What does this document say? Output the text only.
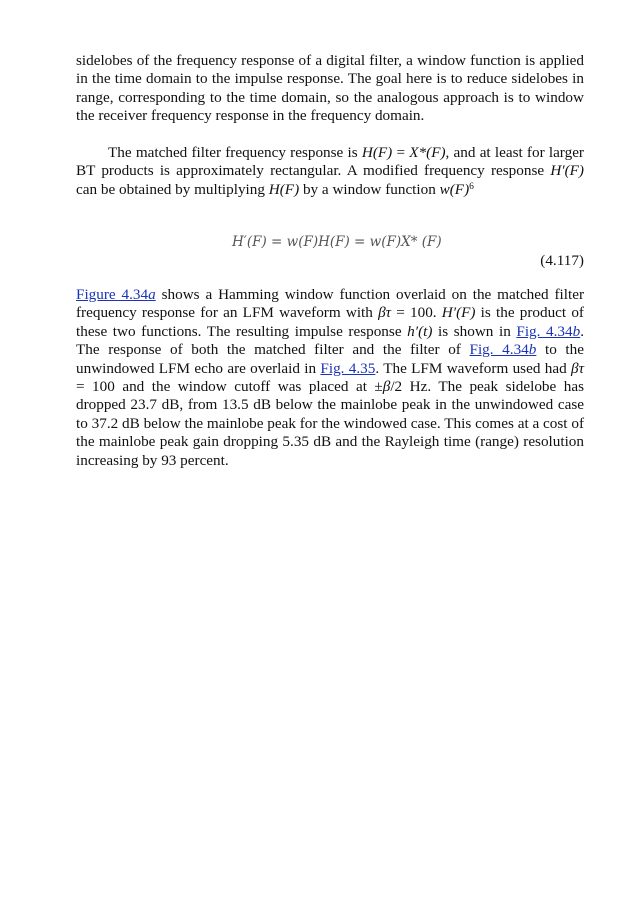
sidelobes of the frequency response of a digital filter, a window function is applied in the time domain to the impulse response. The goal here is to reduce sidelobes in range, corresponding to the time domain, so the analogous approach is to window the receiver frequency response in the frequency domain.

The matched filter frequency response is H(F) = X*(F), and at least for larger BT products is approximately rectangular. A modified frequency response H′(F) can be obtained by multiplying H(F) by a window function $w(F)^6$

H′(F) = w(F)H(F) = w(F)X* (F)
(4.117)

Figure 4.34a shows a Hamming window function overlaid on the matched filter frequency response for an LFM waveform with βτ = 100. H′(F) is the product of these two functions. The resulting impulse response h′(t) is shown in Fig. 4.34b. The response of both the matched filter and the filter of Fig. 4.34b to the unwindowed LFM echo are overlaid in Fig. 4.35. The LFM waveform used had βτ = 100 and the window cutoff was placed at ±β/2 Hz. The peak sidelobe has dropped 23.7 dB, from 13.5 dB below the mainlobe peak in the unwindowed case to 37.2 dB below the mainlobe peak for the windowed case. This comes at a cost of the mainlobe peak gain dropping 5.35 dB and the Rayleigh time (range) resolution increasing by 93 percent.
